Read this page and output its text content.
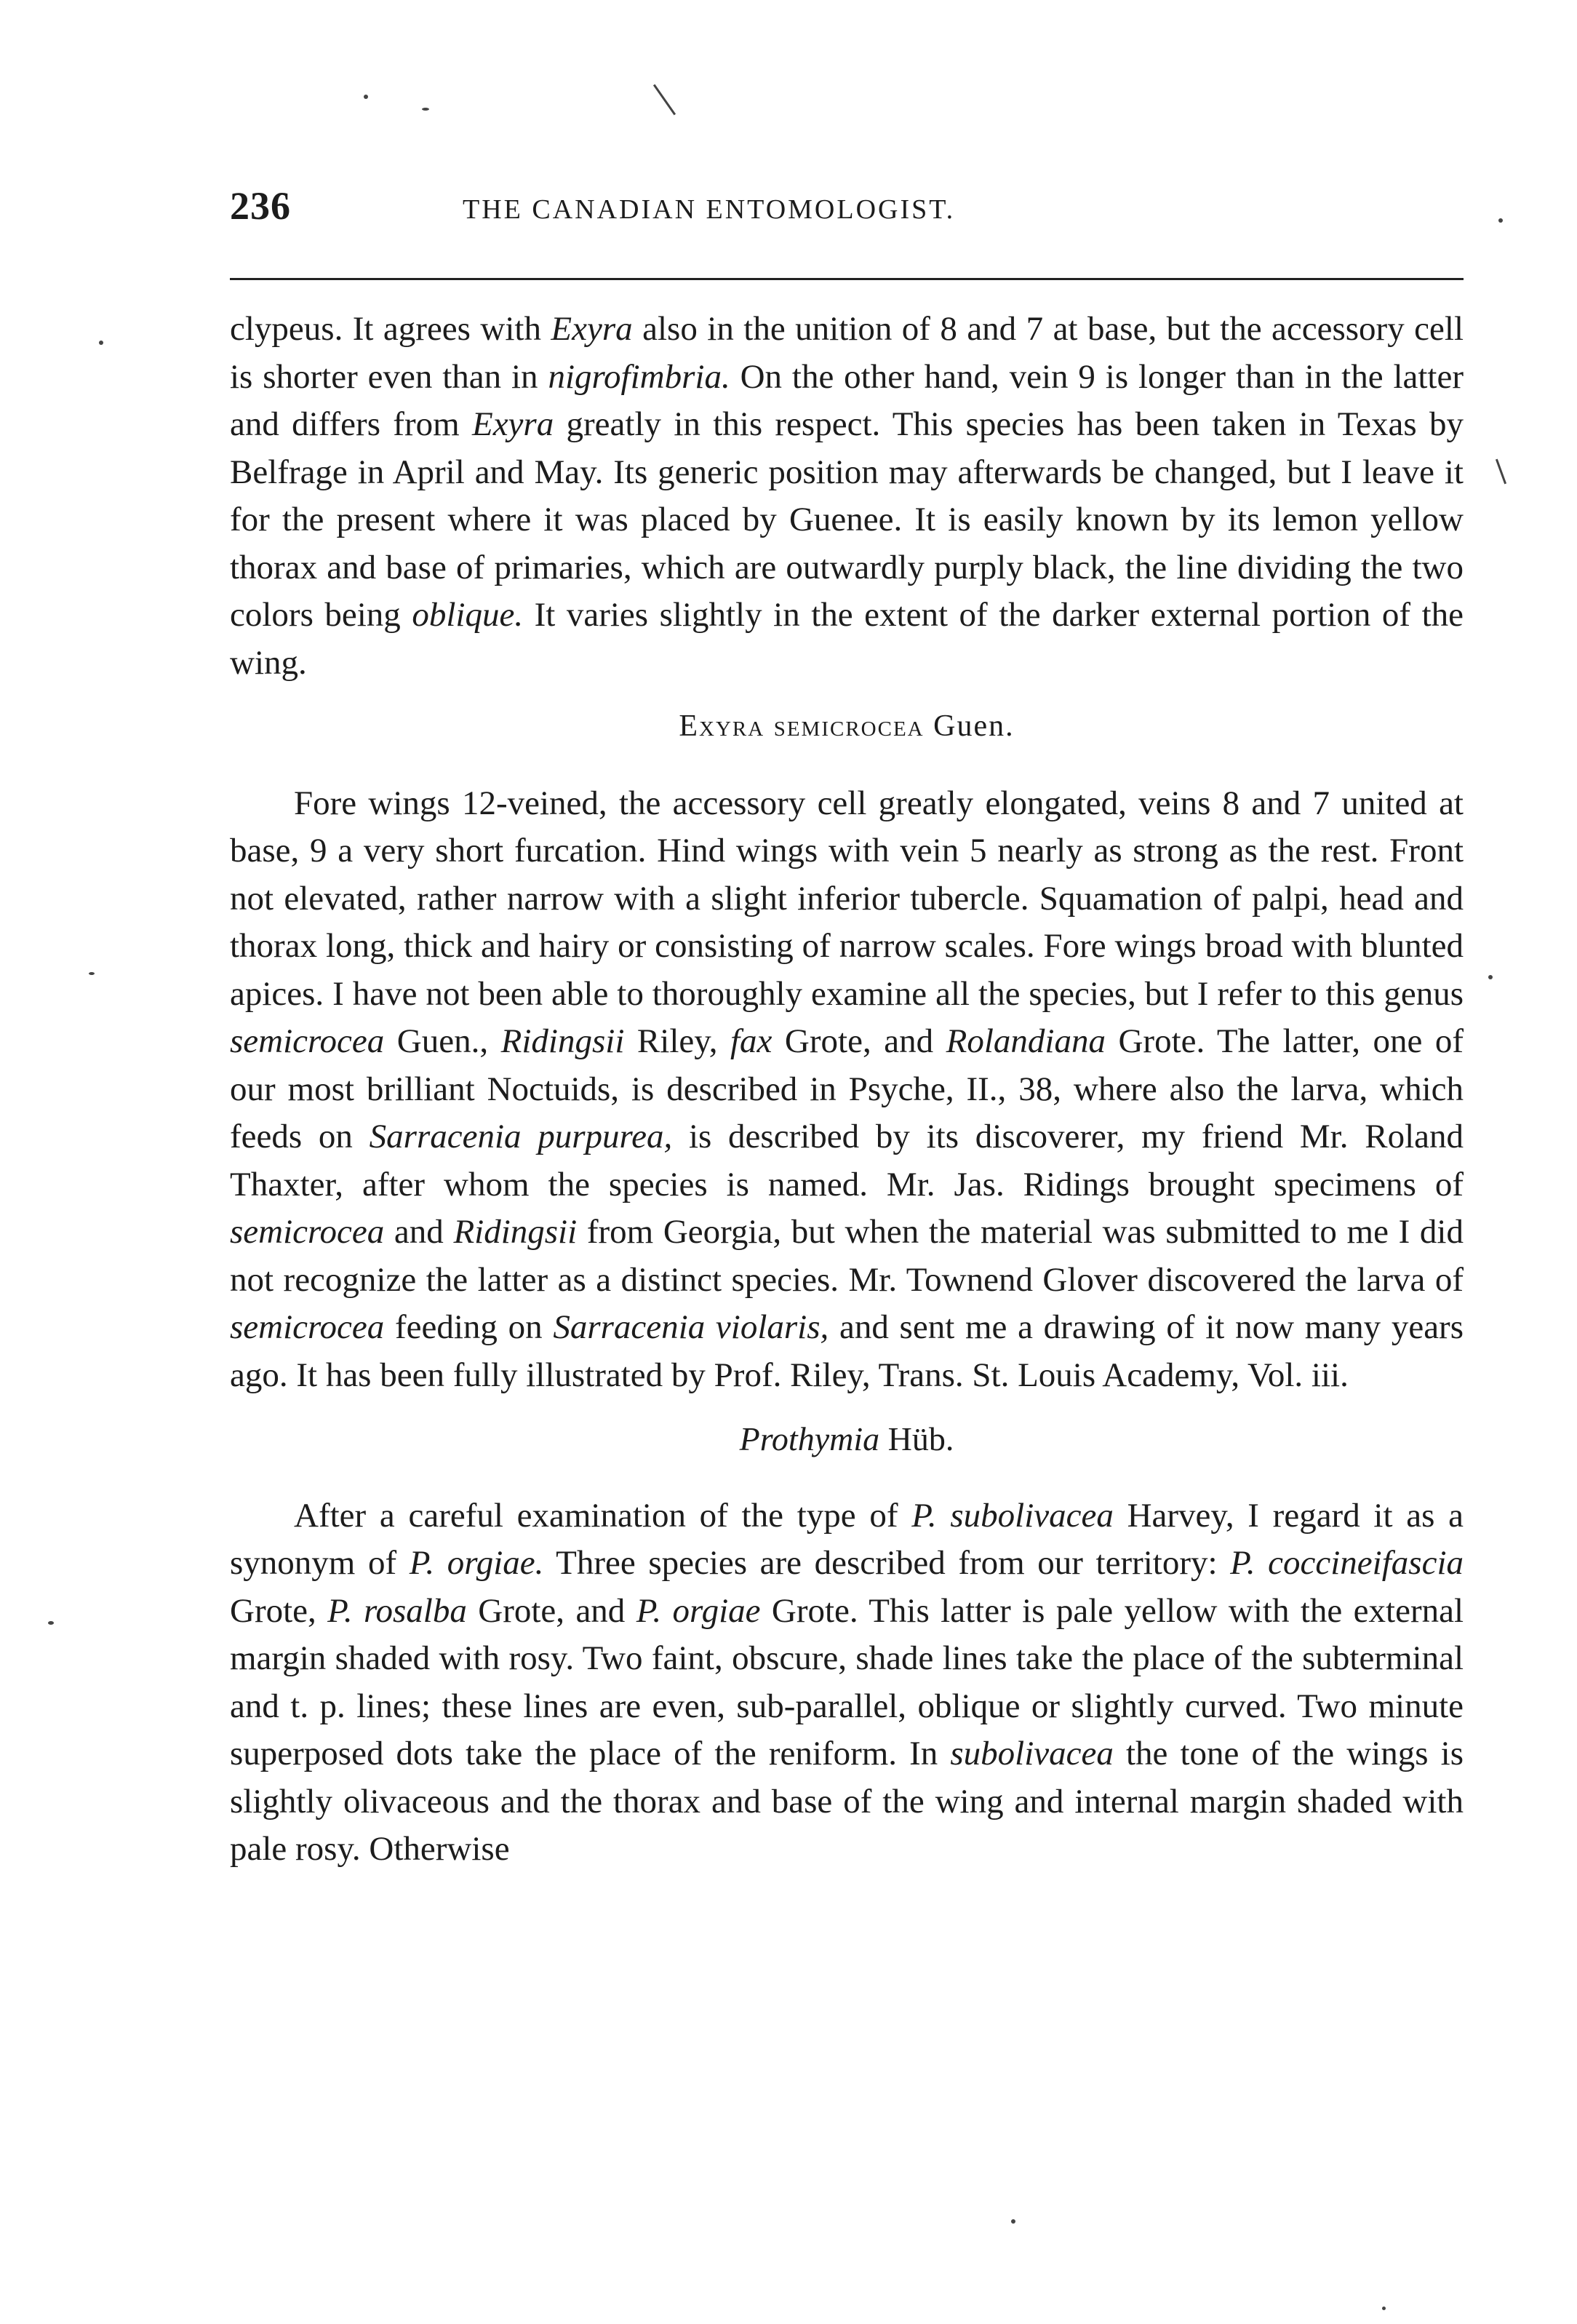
236	THE CANADIAN ENTOMOLOGIST.

clypeus. It agrees with Exyra also in the unition of 8 and 7 at base, but the accessory cell is shorter even than in nigrofimbria. On the other hand, vein 9 is longer than in the latter and differs from Exyra greatly in this respect. This species has been taken in Texas by Belfrage in April and May. Its generic position may afterwards be changed, but I leave it for the present where it was placed by Guenee. It is easily known by its lemon yellow thorax and base of primaries, which are outwardly purply black, the line dividing the two colors being oblique. It varies slightly in the extent of the darker external portion of the wing.

Exyra semicrocea Guen.

Fore wings 12-veined, the accessory cell greatly elongated, veins 8 and 7 united at base, 9 a very short furcation. Hind wings with vein 5 nearly as strong as the rest. Front not elevated, rather narrow with a slight inferior tubercle. Squamation of palpi, head and thorax long, thick and hairy or consisting of narrow scales. Fore wings broad with blunted apices. I have not been able to thoroughly examine all the species, but I refer to this genus semicrocea Guen., Ridingsii Riley, fax Grote, and Rolandiana Grote. The latter, one of our most brilliant Noctuids, is described in Psyche, II., 38, where also the larva, which feeds on Sarracenia purpurea, is described by its discoverer, my friend Mr. Roland Thaxter, after whom the species is named. Mr. Jas. Ridings brought specimens of semicrocea and Ridingsii from Georgia, but when the material was submitted to me I did not recognize the latter as a distinct species. Mr. Townend Glover discovered the larva of semicrocea feeding on Sarracenia violaris, and sent me a drawing of it now many years ago. It has been fully illustrated by Prof. Riley, Trans. St. Louis Academy, Vol. iii.

Prothymia Hüb.

After a careful examination of the type of P. subolivacea Harvey, I regard it as a synonym of P. orgiae. Three species are described from our territory: P. coccineifascia Grote, P. rosalba Grote, and P. orgiae Grote. This latter is pale yellow with the external margin shaded with rosy. Two faint, obscure, shade lines take the place of the subterminal and t. p. lines; these lines are even, sub-parallel, oblique or slightly curved. Two minute superposed dots take the place of the reniform. In subolivacea the tone of the wings is slightly olivaceous and the thorax and base of the wing and internal margin shaded with pale rosy. Otherwise
